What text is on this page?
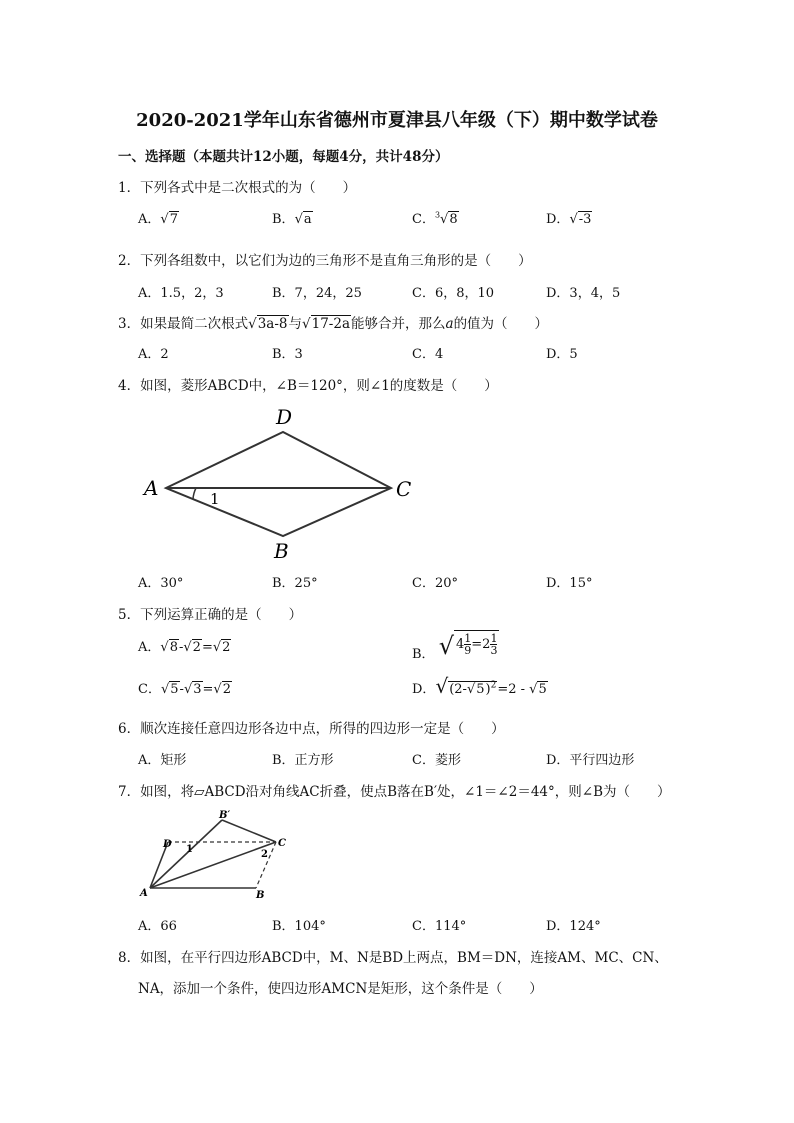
2020-2021学年山东省德州市夏津县八年级（下）期中数学试卷
一、选择题（本题共计12小题，每题4分，共计48分）
1．下列各式中是二次根式的为（　　）
A．√7	B．√a	C．$^3$√8	D．√-3
2．下列各组数中，以它们为边的三角形不是直角三角形的是（　　）
A．1.5，2，3	B．7，24，25	C．6，8，10	D．3，4，5
3．如果最简二次根式√3a-8与√17-2a能够合并，那么a的值为（　　）
A．2	B．3	C．4	D．5
4．如图，菱形ABCD中，∠B＝120°，则∠1的度数是（　　）
D
A	C
B
1
A．30°	B．25°	C．20°	D．15°
5．下列运算正确的是（　　）
A．√8-√2=√2	B． √ $4 \frac{1}{9} =2 \frac{1}{3}$
C．√5-√3=√2	D．$√(2-√5)^2=2 - √5$
6．顺次连接任意四边形各边中点，所得的四边形一定是（　　）
A．矩形	B．正方形	C．菱形	D．平行四边形
7．如图，将▱ABCD沿对角线AC折叠，使点B落在B′处，∠1＝∠2＝44°，则∠B为（　　）
D
B′
C
A	B
1	2
A．66	B．104°	C．114°	D．124°
8．如图，在平行四边形ABCD中，M、N是BD上两点，BM＝DN，连接AM、MC、CN、
NA，添加一个条件，使四边形AMCN是矩形，这个条件是（　　）
